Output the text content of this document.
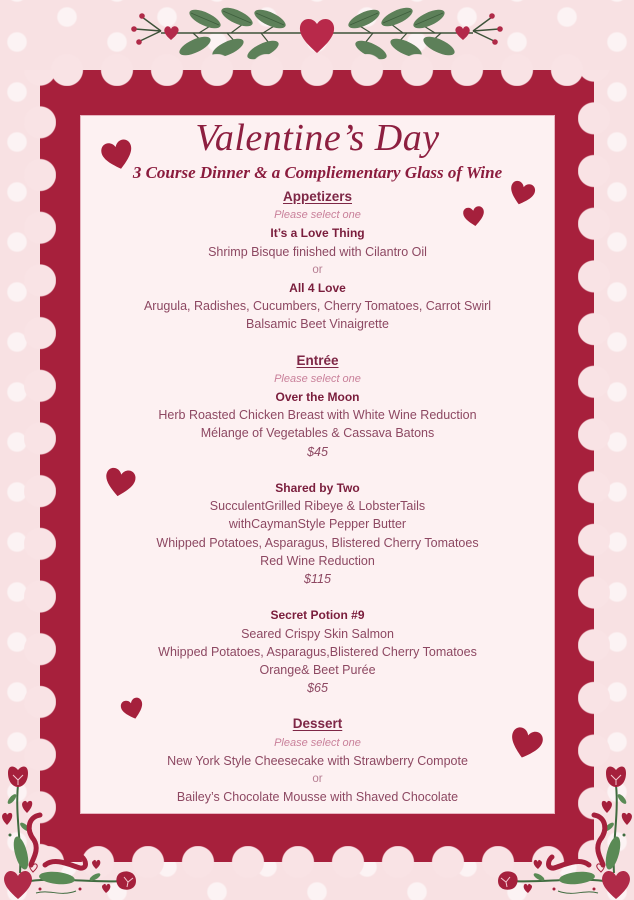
Valentine’s Day
3 Course Dinner & a Compliementary Glass of Wine
Appetizers
Please select one
It’s a Love Thing
Shrimp Bisque finished with Cilantro Oil
or
All 4 Love
Arugula, Radishes, Cucumbers, Cherry Tomatoes, Carrot Swirl
Balsamic Beet Vinaigrette
Entrée
Please select one
Over the Moon
Herb Roasted Chicken Breast with White Wine Reduction
Mélange of Vegetables & Cassava Batons
$45
Shared by Two
SucculentGrilled Ribeye & LobsterTails
withCaymanStyle Pepper Butter
Whipped Potatoes, Asparagus, Blistered Cherry Tomatoes
Red Wine Reduction
$115
Secret Potion #9
Seared Crispy Skin Salmon
Whipped Potatoes, Asparagus,Blistered Cherry Tomatoes
Orange& Beet Purée
$65
Dessert
Please select one
New York Style Cheesecake with Strawberry Compote
or
Bailey’s Chocolate Mousse with Shaved Chocolate
